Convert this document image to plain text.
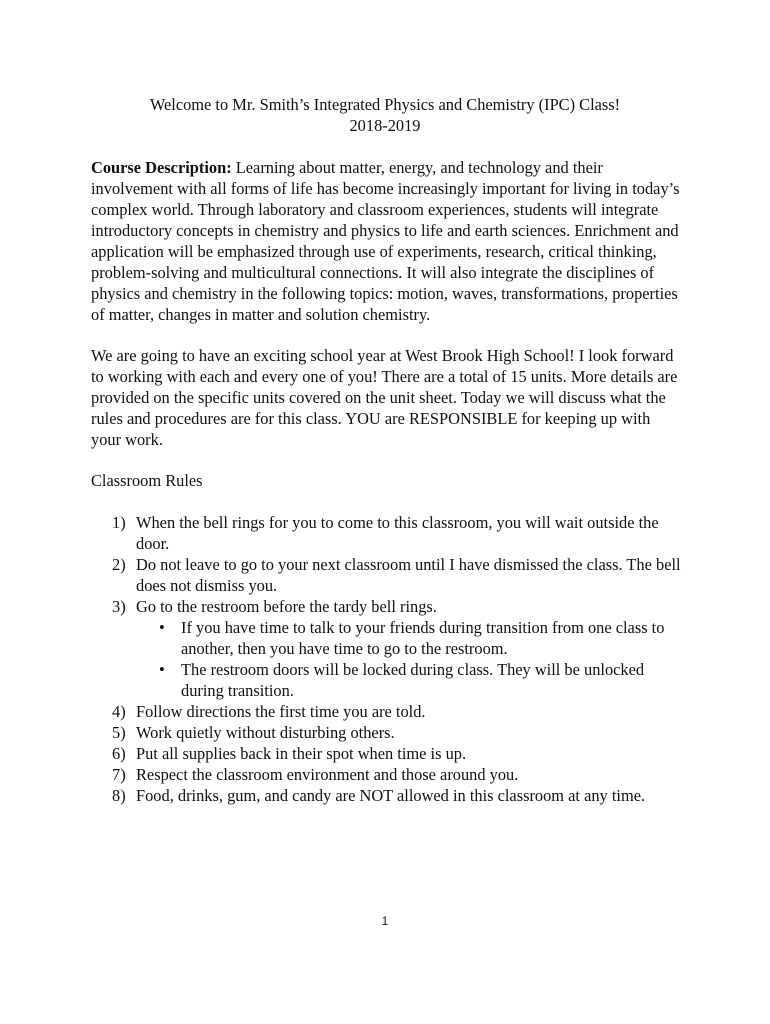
Welcome to Mr. Smith’s Integrated Physics and Chemistry (IPC) Class!
2018-2019

Course Description: Learning about matter, energy, and technology and their involvement with all forms of life has become increasingly important for living in today’s complex world. Through laboratory and classroom experiences, students will integrate introductory concepts in chemistry and physics to life and earth sciences. Enrichment and application will be emphasized through use of experiments, research, critical thinking, problem-solving and multicultural connections. It will also integrate the disciplines of physics and chemistry in the following topics: motion, waves, transformations, properties of matter, changes in matter and solution chemistry.

We are going to have an exciting school year at West Brook High School! I look forward to working with each and every one of you! There are a total of 15 units. More details are provided on the specific units covered on the unit sheet. Today we will discuss what the rules and procedures are for this class. YOU are RESPONSIBLE for keeping up with your work.

Classroom Rules

1) When the bell rings for you to come to this classroom, you will wait outside the door.
2) Do not leave to go to your next classroom until I have dismissed the class. The bell does not dismiss you.
3) Go to the restroom before the tardy bell rings.
• If you have time to talk to your friends during transition from one class to another, then you have time to go to the restroom.
• The restroom doors will be locked during class. They will be unlocked during transition.
4) Follow directions the first time you are told.
5) Work quietly without disturbing others.
6) Put all supplies back in their spot when time is up.
7) Respect the classroom environment and those around you.
8) Food, drinks, gum, and candy are NOT allowed in this classroom at any time.
1
